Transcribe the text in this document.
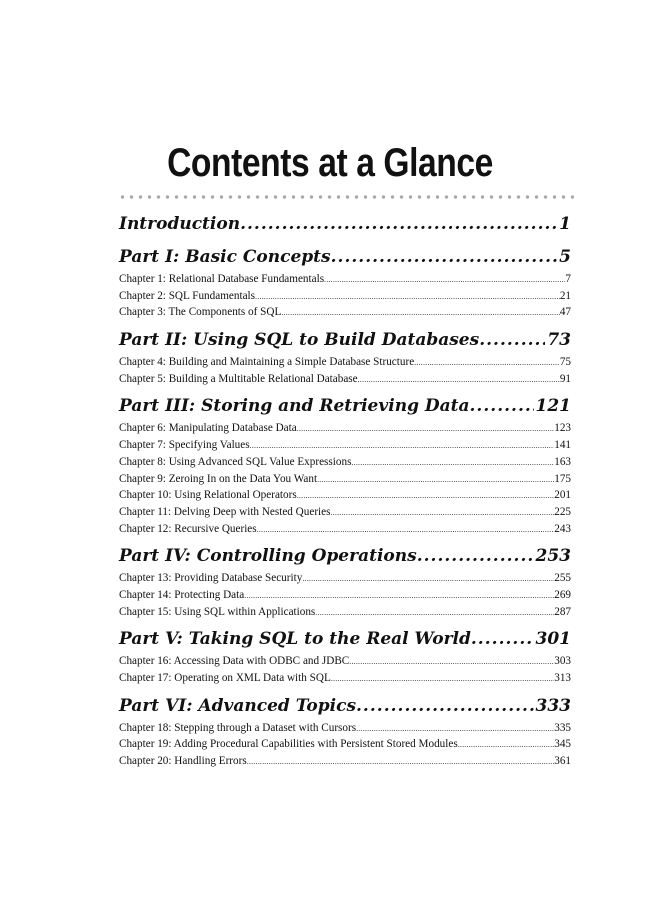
Contents at a Glance
Introduction .....	1
Part I: Basic Concepts .....	5
Chapter 1: Relational Database Fundamentals .....	7
Chapter 2: SQL Fundamentals .....	21
Chapter 3: The Components of SQL .....	47
Part II: Using SQL to Build Databases .....	73
Chapter 4: Building and Maintaining a Simple Database Structure .....	75
Chapter 5: Building a Multitable Relational Database .....	91
Part III: Storing and Retrieving Data .....	121
Chapter 6: Manipulating Database Data .....	123
Chapter 7: Specifying Values .....	141
Chapter 8: Using Advanced SQL Value Expressions .....	163
Chapter 9: Zeroing In on the Data You Want .....	175
Chapter 10: Using Relational Operators .....	201
Chapter 11: Delving Deep with Nested Queries .....	225
Chapter 12: Recursive Queries .....	243
Part IV: Controlling Operations .....	253
Chapter 13: Providing Database Security .....	255
Chapter 14: Protecting Data .....	269
Chapter 15: Using SQL within Applications .....	287
Part V: Taking SQL to the Real World .....	301
Chapter 16: Accessing Data with ODBC and JDBC .....	303
Chapter 17: Operating on XML Data with SQL .....	313
Part VI: Advanced Topics .....	333
Chapter 18: Stepping through a Dataset with Cursors .....	335
Chapter 19: Adding Procedural Capabilities with Persistent Stored Modules .....	345
Chapter 20: Handling Errors .....	361
